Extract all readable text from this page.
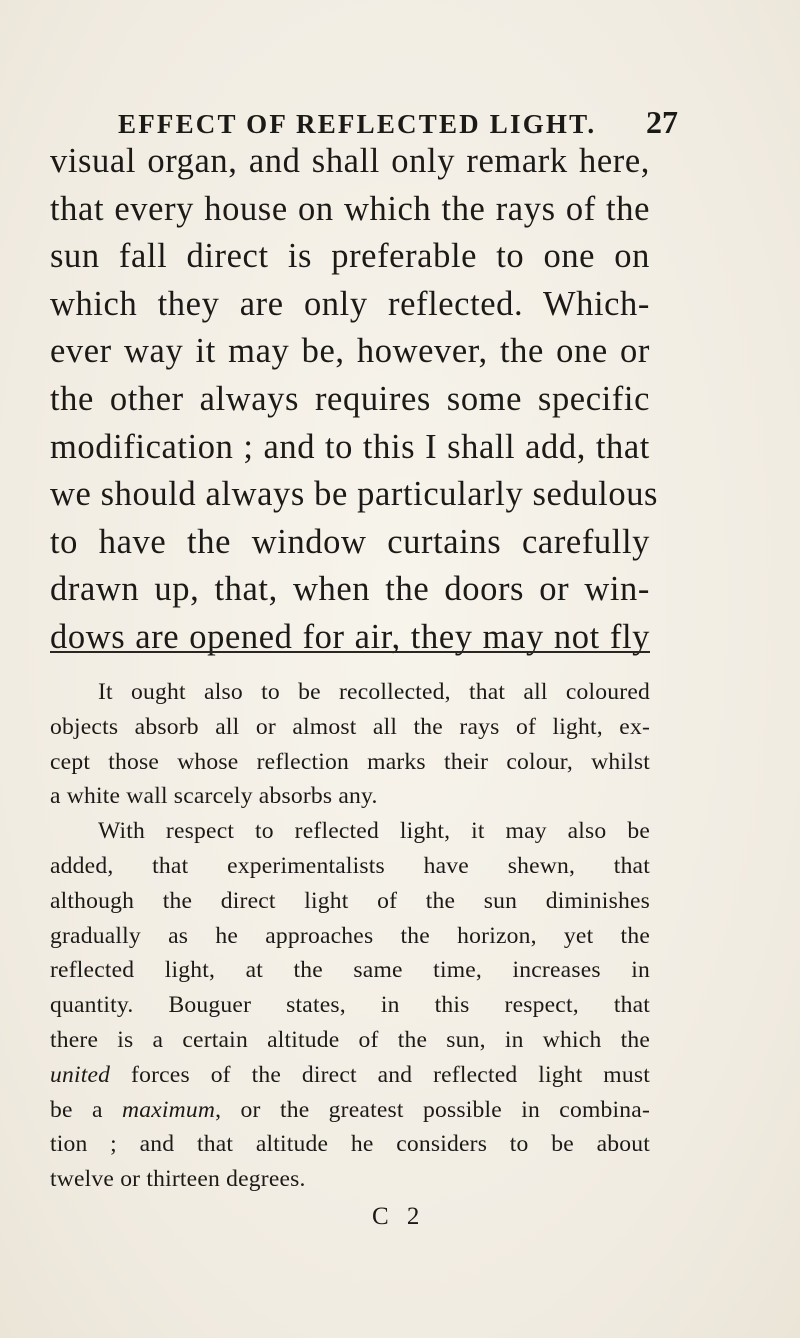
EFFECT OF REFLECTED LIGHT. 27
visual organ, and shall only remark here,
that every house on which the rays of the
sun fall direct is preferable to one on
which they are only reflected. Which-
ever way it may be, however, the one or
the other always requires some specific
modification ; and to this I shall add, that
we should always be particularly sedulous
to have the window curtains carefully
drawn up, that, when the doors or win-
dows are opened for air, they may not fly
It ought also to be recollected, that all coloured
objects absorb all or almost all the rays of light, ex-
cept those whose reflection marks their colour, whilst
a white wall scarcely absorbs any.
With respect to reflected light, it may also be
added, that experimentalists have shewn, that
although the direct light of the sun diminishes
gradually as he approaches the horizon, yet the
reflected light, at the same time, increases in
quantity. Bouguer states, in this respect, that
there is a certain altitude of the sun, in which the
united forces of the direct and reflected light must
be a maximum, or the greatest possible in combina-
tion ; and that altitude he considers to be about
twelve or thirteen degrees.
C 2
